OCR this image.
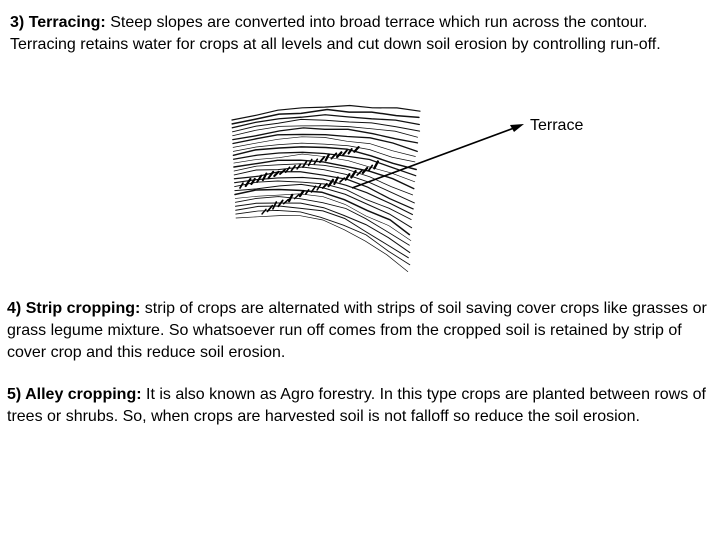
3) Terracing: Steep slopes are converted into broad terrace which run across the contour. Terracing retains water for crops at all levels and cut down soil erosion by controlling run-off.

Terrace

4) Strip cropping: strip of crops are alternated with strips of soil saving cover crops like grasses or grass legume mixture. So whatsoever run off comes from the cropped soil is retained by strip of cover crop and this reduce soil erosion.

5) Alley cropping: It is also known as Agro forestry. In this type crops are planted between rows of trees or shrubs. So, when crops are harvested soil is not falloff so reduce the soil erosion.
